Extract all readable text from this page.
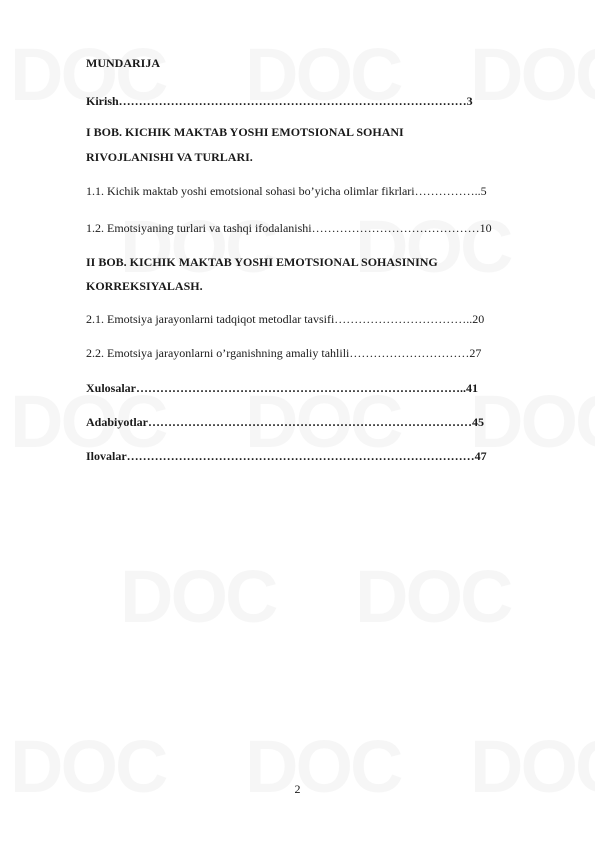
MUNDARIJA
Kirish……………………………………………………………………………3
I BOB. KICHIK MAKTAB YOSHI EMOTSIONAL SOHANI
RIVOJLANISHI VA TURLARI.
1.1. Kichik maktab yoshi emotsional sohasi bo’yicha olimlar fikrlari……………..5
1.2. Emotsiyaning turlari va tashqi ifodalanishi……………………………………10
II BOB. KICHIK MAKTAB YOSHI EMOTSIONAL SOHASINING
KORREKSIYALASH.
2.1. Emotsiya jarayonlarni tadqiqot metodlar tavsifi……………………………..20
2.2. Emotsiya jarayonlarni o’rganishning amaliy tahlili…………………………27
Xulosalar………………………………………………………………………..41
Adabiyotlar………………………………………………………………………45
Ilovalar……………………………………………………………………………47
2
